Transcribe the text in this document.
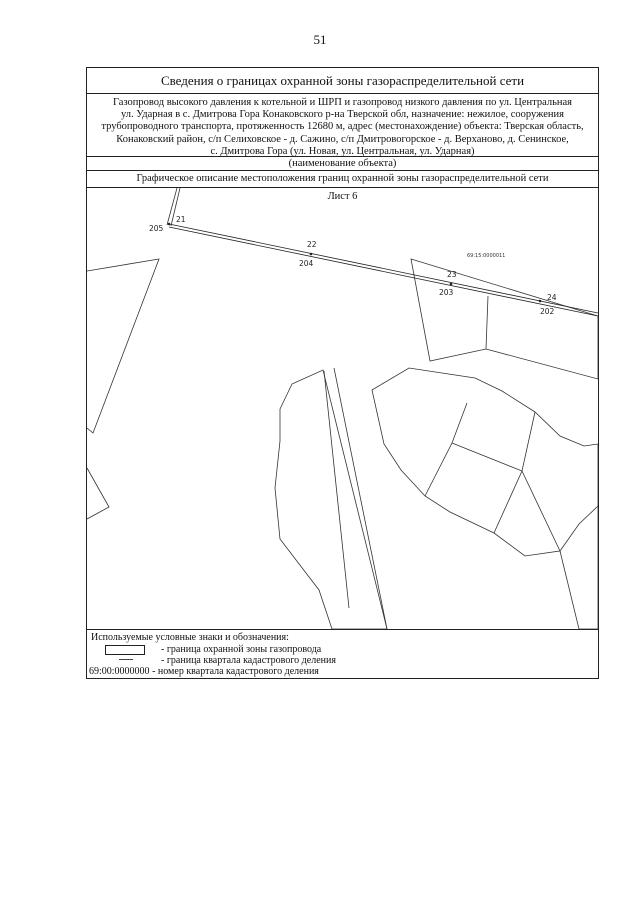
51
Сведения о границах охранной зоны газораспределительной сети
Газопровод высокого давления к котельной и ШРП и газопровод низкого давления по ул. Центральная
ул. Ударная в с. Дмитрова Гора Конаковского р-на Тверской обл, назначение: нежилое, сооружения
трубопроводного транспорта, протяженность 12680 м, адрес (местонахождение) объекта: Тверская область,
Конаковский район, с/п Селиховское - д. Сажино, с/п Дмитровогорское - д. Верханово, д. Сенинское,
с. Дмитрова Гора (ул. Новая, ул. Центральная, ул. Ударная)
(наименование объекта)
Графическое описание местоположения границ охранной зоны газораспределительной сети
Лист 6
21
22
23
24
205
204
203
202
69:15:0000011
Используемые условные знаки и обозначения:
- граница охранной зоны газопровода
- граница квартала кадастрового деления
69:00:0000000 - номер квартала кадастрового деления
